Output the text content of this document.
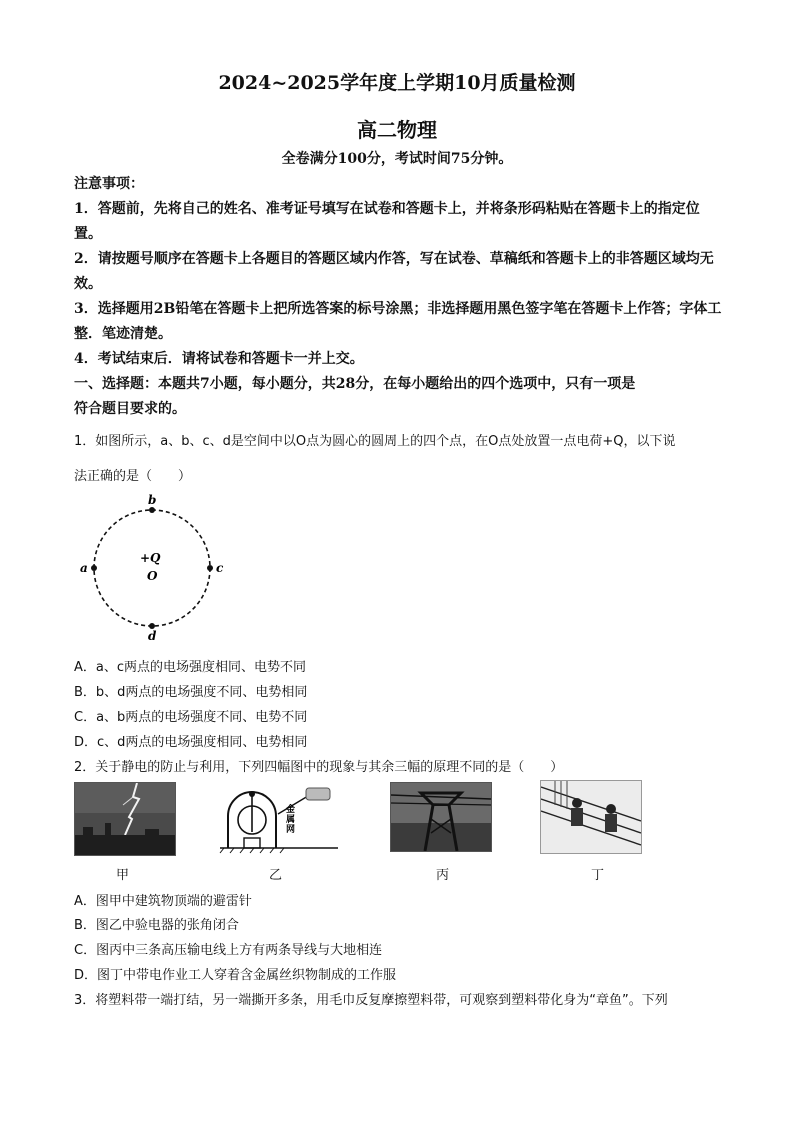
2024~2025学年度上学期10月质量检测
高二物理
全卷满分100分，考试时间75分钟。
注意事项：
1．答题前，先将自己的姓名、准考证号填写在试卷和答题卡上，并将条形码粘贴在答题卡上的指定位置。
2．请按题号顺序在答题卡上各题目的答题区域内作答，写在试卷、草稿纸和答题卡上的非答题区域均无效。
3．选择题用2B铅笔在答题卡上把所选答案的标号涂黑；非选择题用黑色签字笔在答题卡上作答；字体工整．笔迹清楚。
4．考试结束后．请将试卷和答题卡一并上交。
一、选择题：本题共7小题，每小题分，共28分，在每小题给出的四个选项中，只有一项是
符合题目要求的。
1．如图所示，a、b、c、d是空间中以O点为圆心的圆周上的四个点，在O点处放置一点电荷+Q，以下说
法正确的是（　　）
b
a	c
d
+Q
O
A．a、c两点的电场强度相同、电势不同
B．b、d两点的电场强度不同、电势相同
C．a、b两点的电场强度不同、电势不同
D．c、d两点的电场强度相同、电势相同
2．关于静电的防止与利用，下列四幅图中的现象与其余三幅的原理不同的是（　　）
甲
金
属
网
乙	丙	丁
A．图甲中建筑物顶端的避雷针
B．图乙中验电器的张角闭合
C．图丙中三条高压输电线上方有两条导线与大地相连
D．图丁中带电作业工人穿着含金属丝织物制成的工作服
3．将塑料带一端打结，另一端撕开多条，用毛巾反复摩擦塑料带，可观察到塑料带化身为“章鱼”。下列
